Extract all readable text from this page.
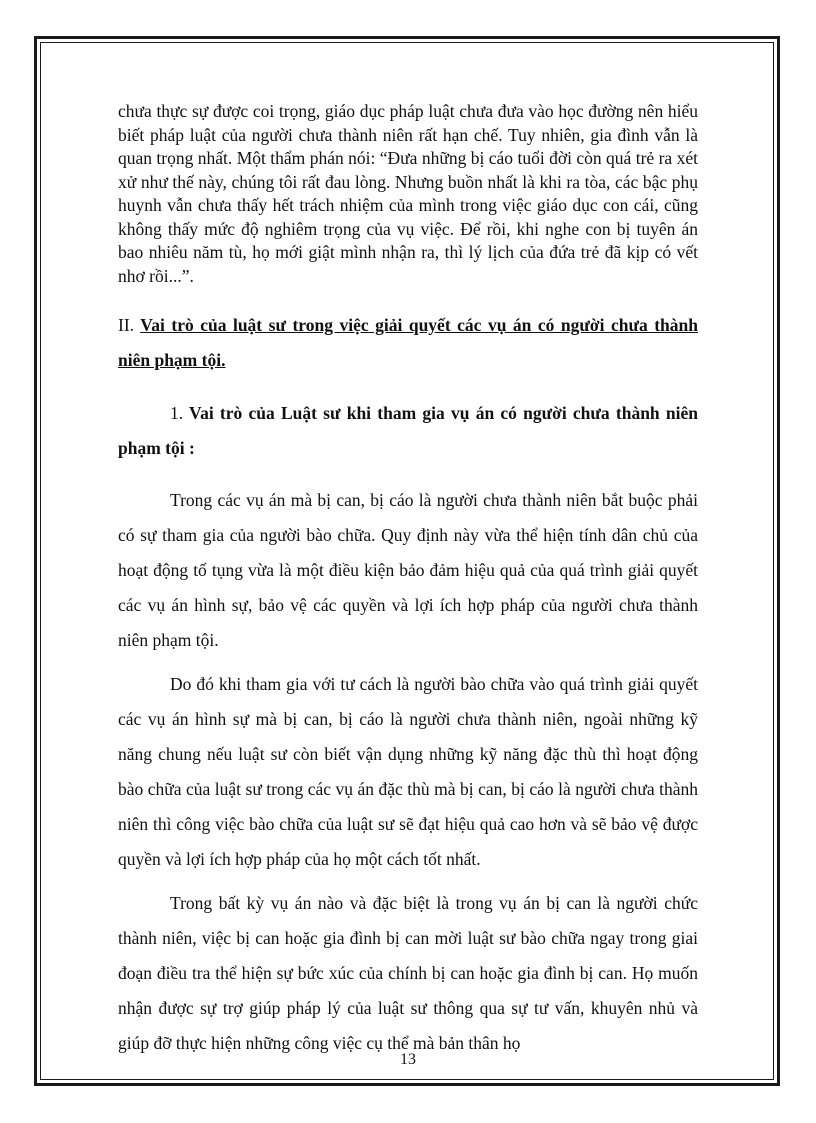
chưa thực sự được coi trọng, giáo dục pháp luật chưa đưa vào học đường nên hiểu biết pháp luật của người chưa thành niên rất hạn chế. Tuy nhiên, gia đình vẫn là quan trọng nhất. Một thẩm phán nói: “Đưa những bị cáo tuổi đời còn quá trẻ ra xét xử như thế này, chúng tôi rất đau lòng. Nhưng buồn nhất là khi ra tòa, các bậc phụ huynh vẫn chưa thấy hết trách nhiệm của mình trong việc giáo dục con cái, cũng không thấy mức độ nghiêm trọng của vụ việc. Để rồi, khi nghe con bị tuyên án bao nhiêu năm tù, họ mới giật mình nhận ra, thì lý lịch của đứa trẻ đã kịp có vết nhơ rồi...”.

II. Vai trò của luật sư trong việc giải quyết các vụ án có người chưa thành niên phạm tội.

1. Vai trò của Luật sư khi tham gia vụ án có người chưa thành niên phạm tội :

Trong các vụ án mà bị can, bị cáo là người chưa thành niên bắt buộc phải có sự tham gia của người bào chữa. Quy định này vừa thể hiện tính dân chủ của hoạt động tố tụng vừa là một điều kiện bảo đảm hiệu quả của quá trình giải quyết các vụ án hình sự, bảo vệ các quyền và lợi ích hợp pháp của người chưa thành niên phạm tội.

Do đó khi tham gia với tư cách là người bào chữa vào quá trình giải quyết các vụ án hình sự mà bị can, bị cáo là người chưa thành niên, ngoài những kỹ năng chung nếu luật sư còn biết vận dụng những kỹ năng đặc thù thì hoạt động bào chữa của luật sư trong các vụ án đặc thù mà bị can, bị cáo là người chưa thành niên thì công việc bào chữa của luật sư sẽ đạt hiệu quả cao hơn và sẽ bảo vệ được quyền và lợi ích hợp pháp của họ một cách tốt nhất.

Trong bất kỳ vụ án nào và đặc biệt là trong vụ án bị can là người chức thành niên, việc bị can hoặc gia đình bị can mời luật sư bào chữa ngay trong giai đoạn điều tra thể hiện sự bức xúc của chính bị can hoặc gia đình bị can. Họ muốn nhận được sự trợ giúp pháp lý của luật sư thông qua sự tư vấn, khuyên nhủ và giúp đỡ thực hiện những công việc cụ thể mà bản thân họ

13
